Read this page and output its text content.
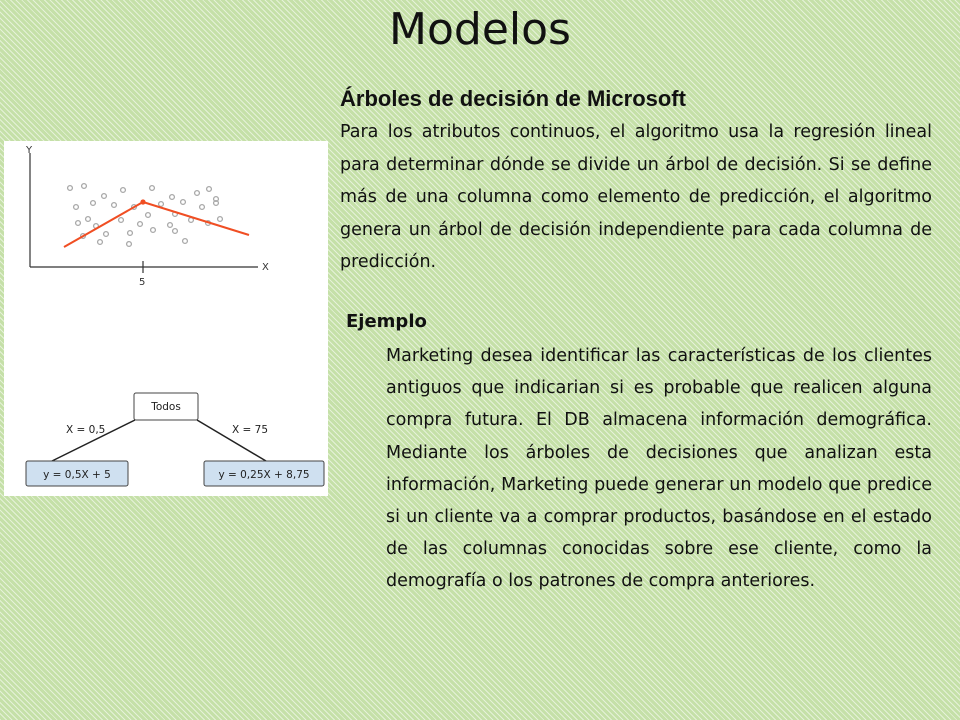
Modelos
Árboles de decisión de Microsoft

Para los atributos continuos, el algoritmo usa la regresión lineal para determinar dónde se divide un árbol de decisión. Si se define más de una columna como elemento de predicción, el algoritmo genera un árbol de decisión independiente para cada columna de predicción.

Ejemplo

Marketing desea identificar las características de los clientes antiguos que indicarian si es probable que realicen alguna compra futura. El DB almacena información demográfica. Mediante los árboles de decisiones que analizan esta información, Marketing puede generar un modelo que predice si un cliente va a comprar productos, basándose en el estado de las columnas conocidas sobre ese cliente, como la demografía o los patrones de compra anteriores.

Y
X
5
Todos
X = 0,5	X = 75
y = 0,5X + 5	y = 0,25X + 8,75
